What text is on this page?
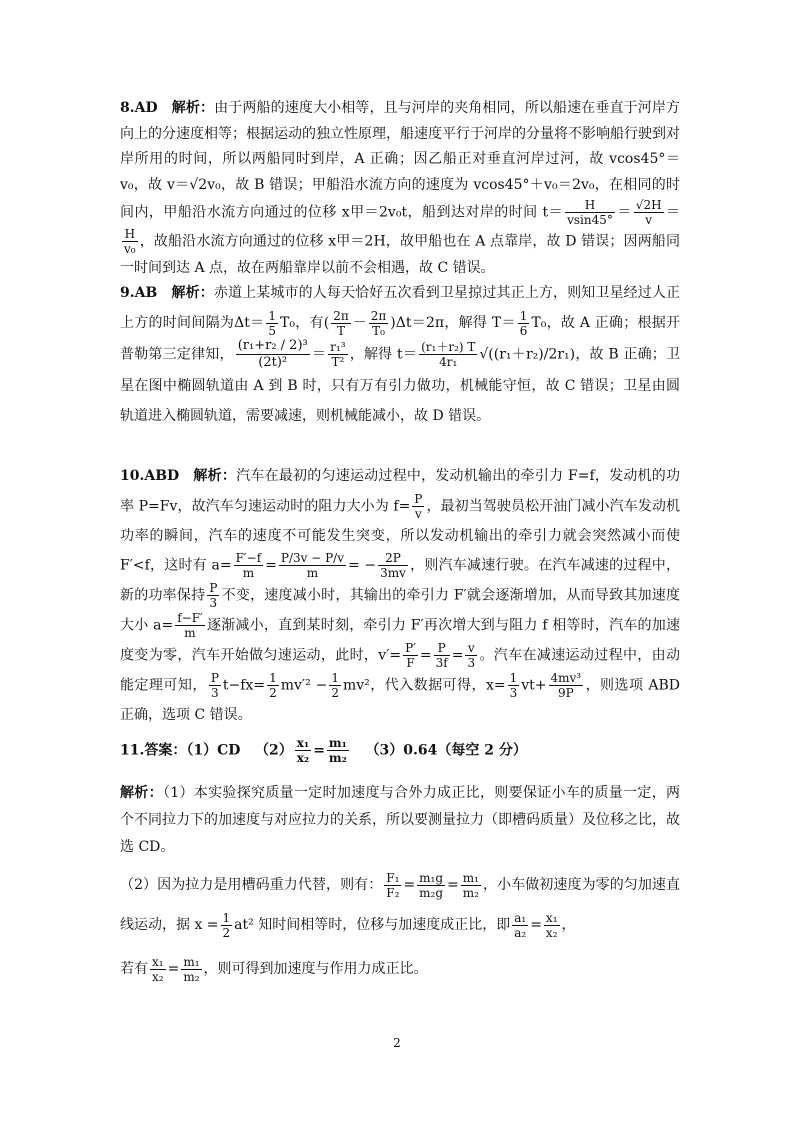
8.AD 解析：由于两船的速度大小相等，且与河岸的夹角相同，所以船速在垂直于河岸方向上的分速度相等；根据运动的独立性原理，船速度平行于河岸的分量将不影响船行驶到对岸所用的时间，所以两船同时到岸，A 正确；因乙船正对垂直河岸过河，故 vcos45°＝v₀，故 v＝√2v₀，故 B 错误；甲船沿水流方向的速度为 vcos45°＋v₀＝2v₀，在相同的时间内，甲船沿水流方向通过的位移 x甲＝2v₀t，船到达对岸的时间 $t= \frac{H}{vsin45^\circ} = \frac{√2H}{v}$ ＝
$\frac{H}{\text{v₀}}$ ，故船沿水流方向通过的位移 x甲＝2H，故甲船也在 A 点靠岸，故 D 错误；因两船同一时间到达 A 点，故在两船靠岸以前不会相遇，故 C 错误。

9.AB 解析：赤道上某城市的人每天恰好五次看到卫星掠过其正上方，则知卫星经过人正上方的时间间隔为$\Delta t= \frac{1}{5} T_0$，有( $\frac{2\pi}{T} - \frac{2\pi}{\text{T₀}} )\Delta t=2\pi$，解得 $T= \frac{1}{6} T_0$，故 A 正确；根据开普勒第三定律知， $\frac{\text{(r₁+r₂ / 2)³}}{\text{(2t)²}} = \frac{\text{r₁³}}{\text{T²}}$ ，解得 $t= \frac{\text{(r₁＋r₂) T}}{\text{4r₁}} √((r_1+r_2)/2r_1)$，故 B 正确；卫星在图中椭圆轨道由 A 到 B 时，只有万有引力做功，机械能守恒，故 C 错误；卫星由圆轨道进入椭圆轨道，需要减速，则机械能减小，故 D 错误。

10.ABD 解析：汽车在最初的匀速运动过程中，发动机输出的牵引力 F=f，发动机的功率 P=Fv，故汽车匀速运动时的阻力大小为 $f= \frac{P}{v}$ ，最初当驾驶员松开油门减小汽车发动机功率的瞬间，汽车的速度不可能发生突变，所以发动机输出的牵引力就会突然减小而使 F′<f，这时有 $a= \frac{F'-f}{m} = \frac{P/3v - P/v}{m}$ = − $\frac{2P}{3mv}$ ，则汽车减速行驶。在汽车减速的过程中，新的功率保持 $\frac{P}{3}$ 不变，速度减小时，其输出的牵引力 F′就会逐渐增加，从而导致其加速度大小 $a= \frac{f-F'}{m}$ 逐渐减小，直到某时刻，牵引力 F′再次增大到与阻力 f 相等时，汽车的加速度变为零，汽车开始做匀速运动，此时，$v'= \frac{P'}{F} = \frac{P}{3f} = \frac{v}{3}$ 。汽车在减速运动过程中，由动能定理可知， $\frac{P}{3} t-fx= \frac{1}{2} mv'^2 - \frac{1}{2} mv^2$，代入数据可得，$x= \frac{1}{3} vt+ \frac{\text{4mv³}}{9P}$ ，则选项 ABD 正确，选项 C 错误。

11.答案：（1）CD $(2) \frac{\text{x₁}}{\text{x₂}} = \frac{\text{m₁}}{\text{m₂}} (3)0.64$（每空 2 分）

解析：（1）本实验探究质量一定时加速度与合外力成正比，则要保证小车的质量一定，两个不同拉力下的加速度与对应拉力的关系，所以要测量拉力（即槽码质量）及位移之比，故选 CD。

（2）因为拉力是用槽码重力代替，则有： $\frac{\text{F₁}}{\text{F₂}} = \frac{\text{m₁g}}{\text{m₂g}} = \frac{\text{m₁}}{\text{m₂}}$ ，小车做初速度为零的匀加速直线运动，据 $x = \frac{1}{2} at^2$ 知时间相等时，位移与加速度成正比，即 $\frac{\text{a₁}}{\text{a₂}} = \frac{\text{x₁}}{\text{x₂}}$ ，

若有 $\frac{\text{x₁}}{\text{x₂}} = \frac{\text{m₁}}{\text{m₂}}$ ，则可得到加速度与作用力成正比。

2
